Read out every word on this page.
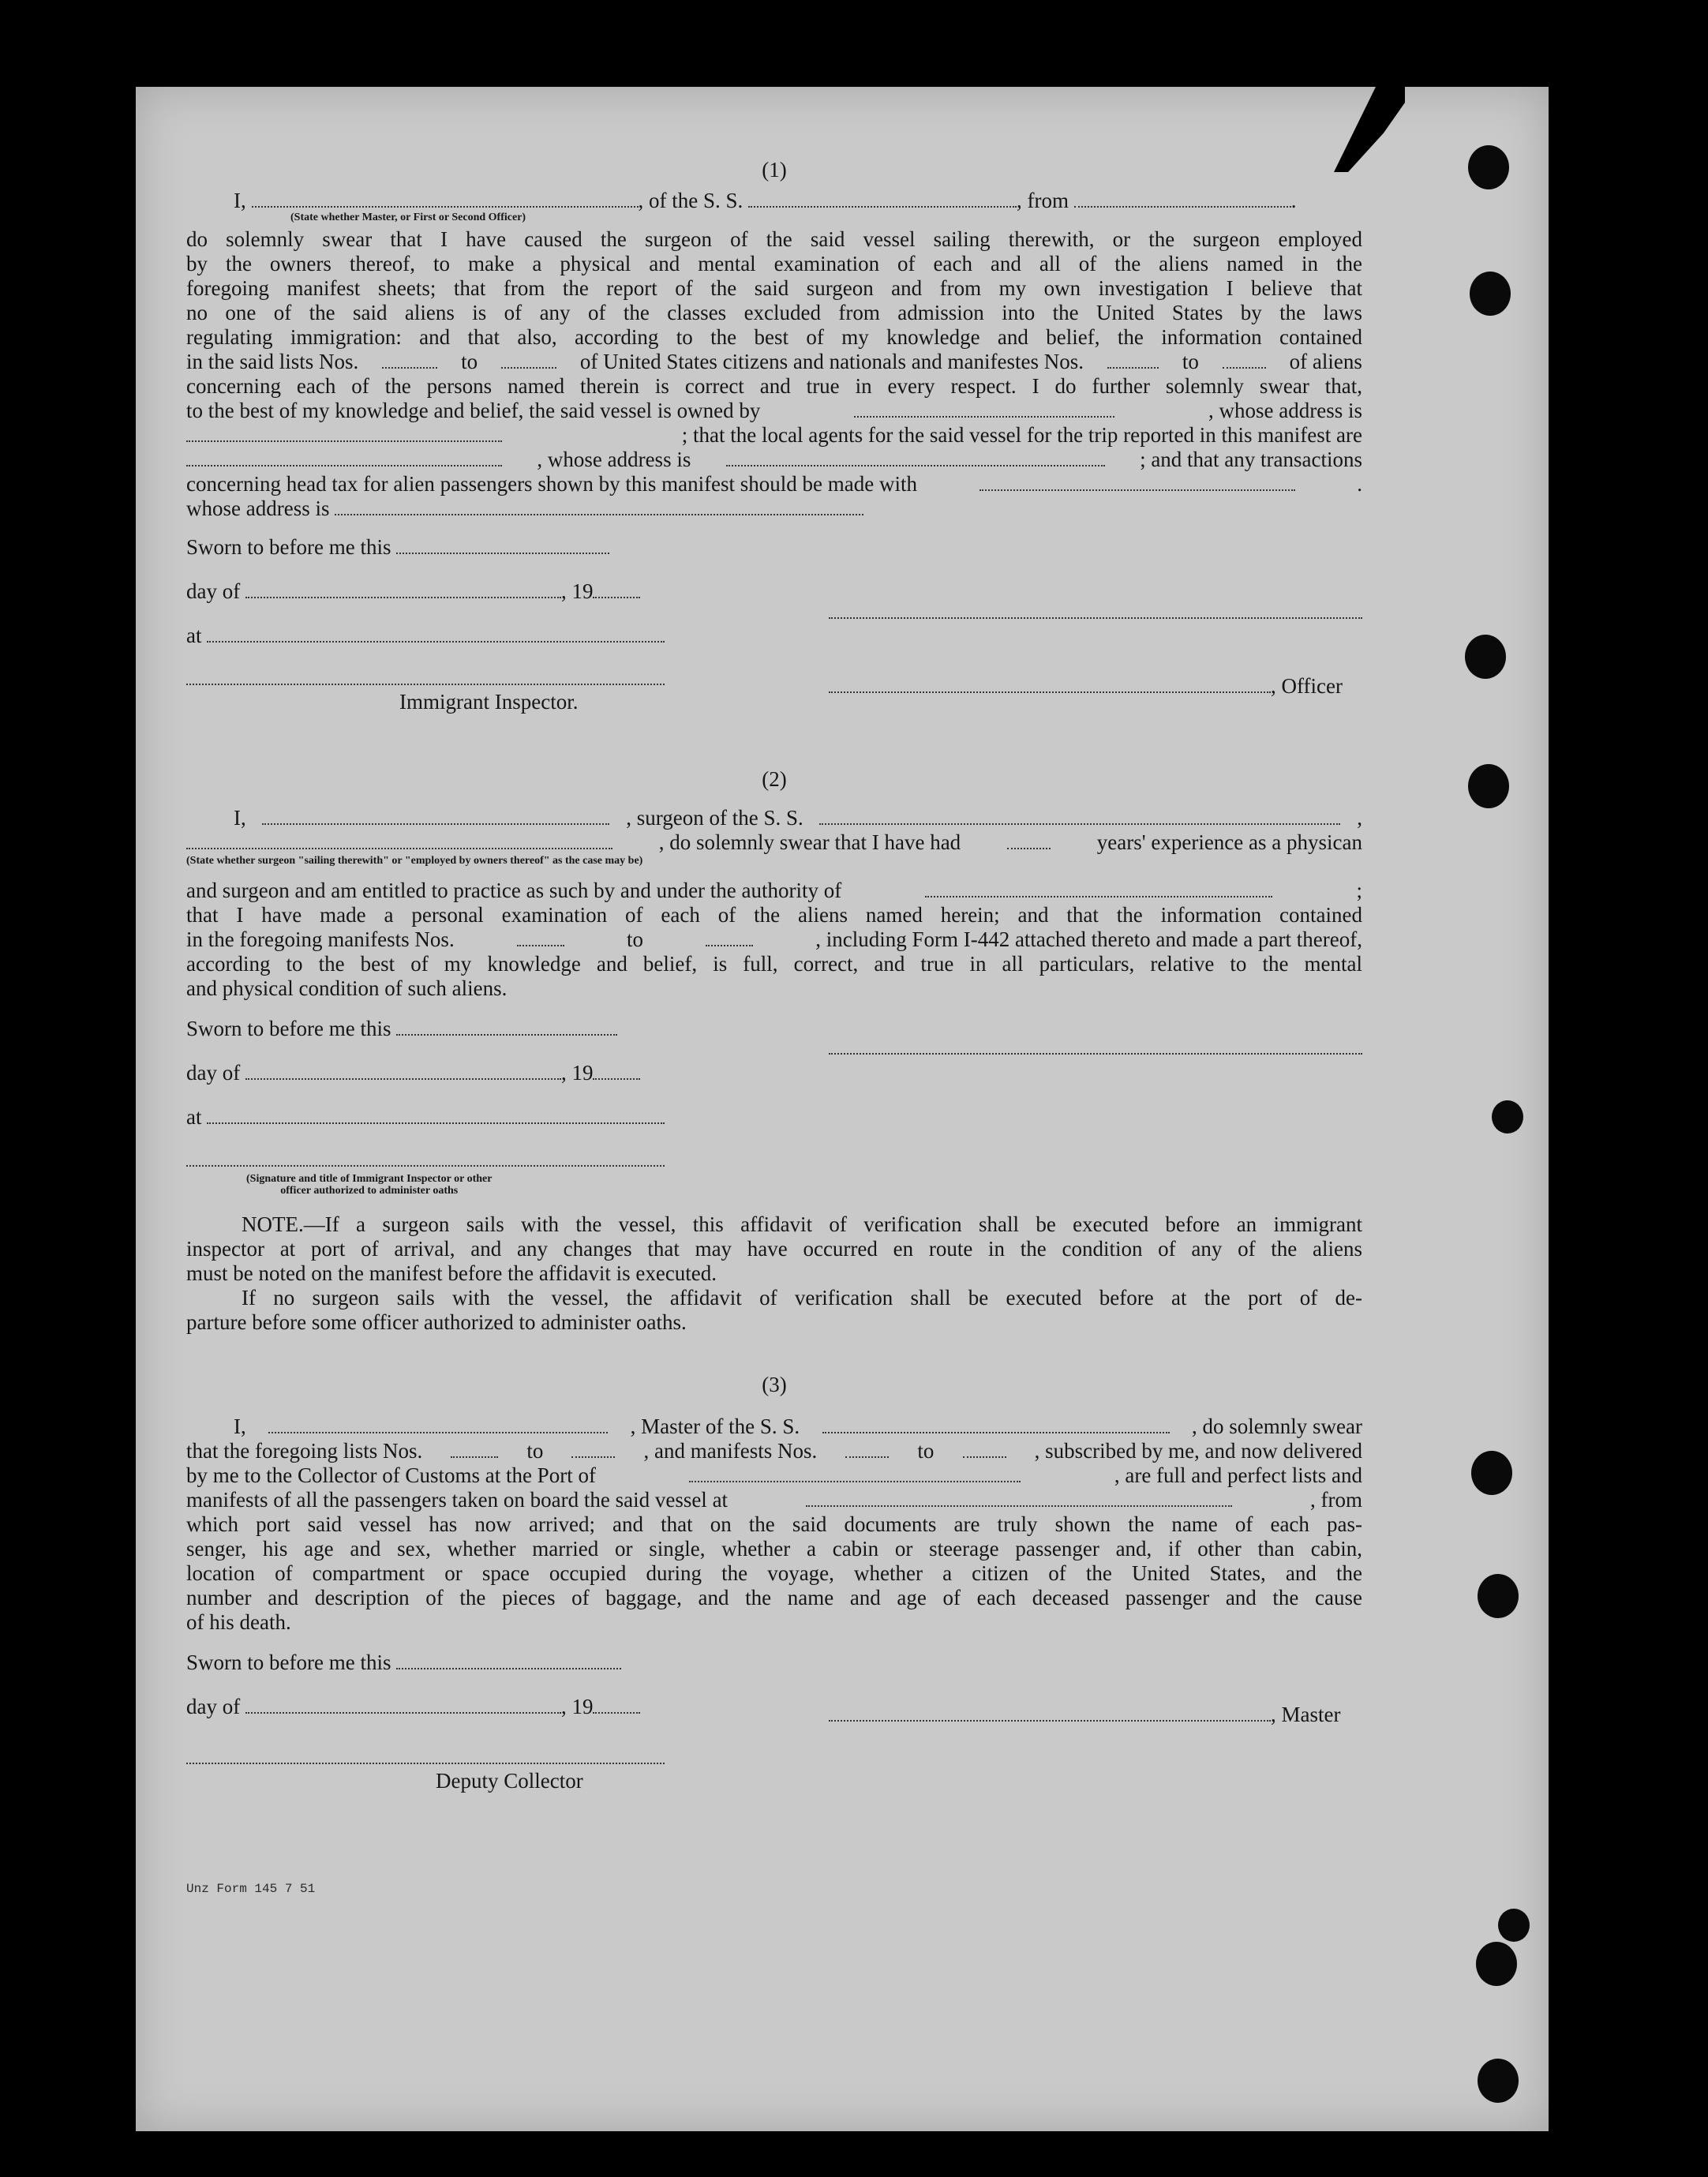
(1)
I,	, of the S. S.	, from	.
(State whether Master, or First or Second Officer)
do solemnly swear that I have caused the surgeon of the said vessel sailing therewith, or the surgeon employed
by the owners thereof, to make a physical and mental examination of each and all of the aliens named in the
foregoing manifest sheets; that from the report of the said surgeon and from my own investigation I believe that
no one of the said aliens is of any of the classes excluded from admission into the United States by the laws
regulating immigration: and that also, according to the best of my knowledge and belief, the information contained
in the said lists Nos.	to	of United States citizens and nationals and manifestes Nos.	to	of aliens
concerning each of the persons named therein is correct and true in every respect. I do further solemnly swear that,
to the best of my knowledge and belief, the said vessel is owned by	, whose address is
; that the local agents for the said vessel for the trip reported in this manifest are
, whose address is	; and that any transactions
concerning head tax for alien passengers shown by this manifest should be made with	.
whose address is
Sworn to before me this
day of	, 19
at
, Officer
Immigrant Inspector.
(2)
I,	, surgeon of the S. S.	,
, do solemnly swear that I have had	years' experience as a physican
(State whether surgeon "sailing therewith" or "employed by owners thereof" as the case may be)
and surgeon and am entitled to practice as such by and under the authority of	;
that I have made a personal examination of each of the aliens named herein; and that the information contained
in the foregoing manifests Nos.	to	, including Form I-442 attached thereto and made a part thereof,
according to the best of my knowledge and belief, is full, correct, and true in all particulars, relative to the mental
and physical condition of such aliens.
Sworn to before me this
day of	, 19
at
(Signature and title of Immigrant Inspector or other
officer authorized to administer oaths
NOTE.—If a surgeon sails with the vessel, this affidavit of verification shall be executed before an immigrant
inspector at port of arrival, and any changes that may have occurred en route in the condition of any of the aliens
must be noted on the manifest before the affidavit is executed.
If no surgeon sails with the vessel, the affidavit of verification shall be executed before at the port of de-
parture before some officer authorized to administer oaths.
(3)
I,	, Master of the S. S.	, do solemnly swear
that the foregoing lists Nos.	to	, and manifests Nos.	to	, subscribed by me, and now delivered
by me to the Collector of Customs at the Port of	, are full and perfect lists and
manifests of all the passengers taken on board the said vessel at	, from
which port said vessel has now arrived; and that on the said documents are truly shown the name of each pas-
senger, his age and sex, whether married or single, whether a cabin or steerage passenger and, if other than cabin,
location of compartment or space occupied during the voyage, whether a citizen of the United States, and the
number and description of the pieces of baggage, and the name and age of each deceased passenger and the cause
of his death.
Sworn to before me this
day of	, 19	, Master
Deputy Collector
Unz Form 145 7 51
